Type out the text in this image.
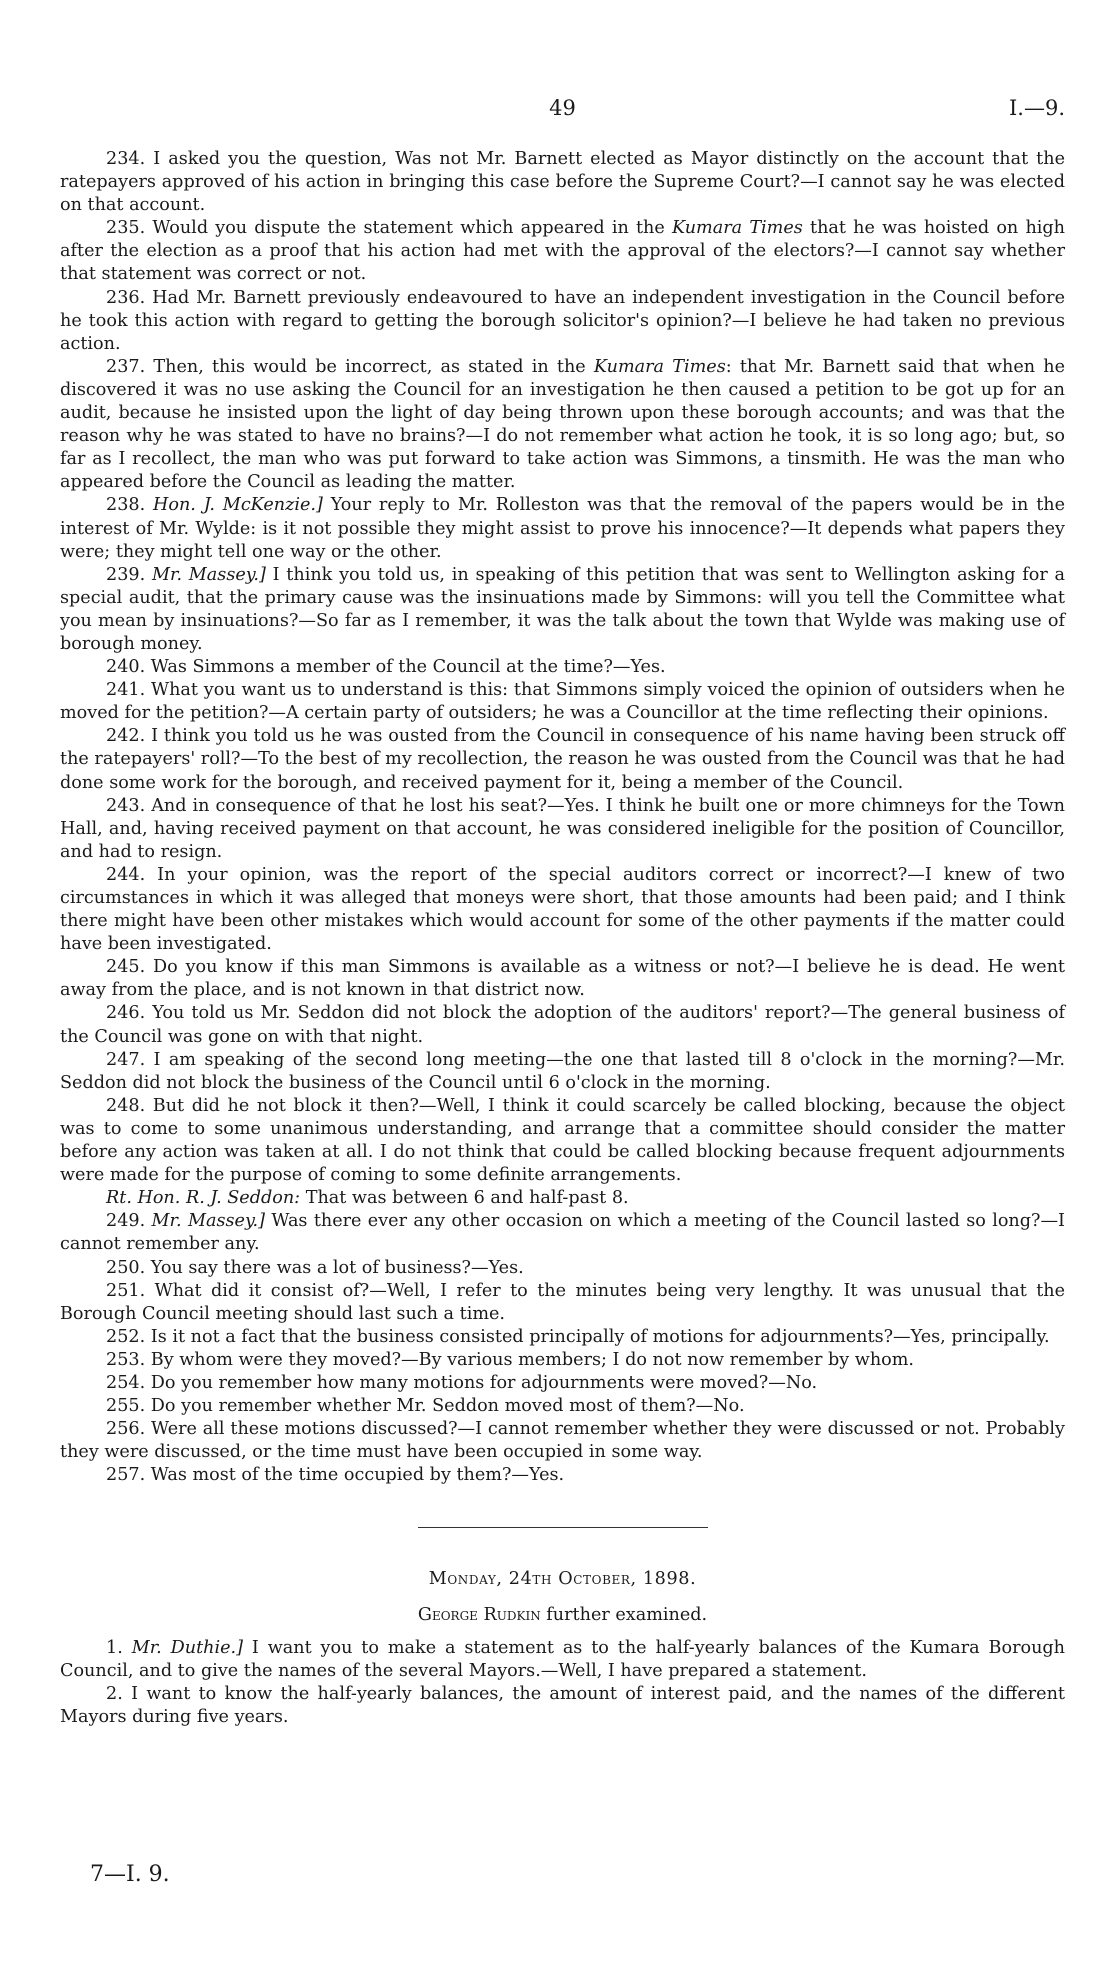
49	I.—9.

234. I asked you the question, Was not Mr. Barnett elected as Mayor distinctly on the account that the ratepayers approved of his action in bringing this case before the Supreme Court?—I cannot say he was elected on that account.

235. Would you dispute the statement which appeared in the Kumara Times that he was hoisted on high after the election as a proof that his action had met with the approval of the electors?—I cannot say whether that statement was correct or not.

236. Had Mr. Barnett previously endeavoured to have an independent investigation in the Council before he took this action with regard to getting the borough solicitor's opinion?—I believe he had taken no previous action.

237. Then, this would be incorrect, as stated in the Kumara Times: that Mr. Barnett said that when he discovered it was no use asking the Council for an investigation he then caused a petition to be got up for an audit, because he insisted upon the light of day being thrown upon these borough accounts; and was that the reason why he was stated to have no brains?—I do not remember what action he took, it is so long ago; but, so far as I recollect, the man who was put forward to take action was Simmons, a tinsmith. He was the man who appeared before the Council as leading the matter.

238. Hon. J. McKenzie.] Your reply to Mr. Rolleston was that the removal of the papers would be in the interest of Mr. Wylde: is it not possible they might assist to prove his innocence?—It depends what papers they were; they might tell one way or the other.

239. Mr. Massey.] I think you told us, in speaking of this petition that was sent to Wellington asking for a special audit, that the primary cause was the insinuations made by Simmons: will you tell the Committee what you mean by insinuations?—So far as I remember, it was the talk about the town that Wylde was making use of borough money.

240. Was Simmons a member of the Council at the time?—Yes.

241. What you want us to understand is this: that Simmons simply voiced the opinion of outsiders when he moved for the petition?—A certain party of outsiders; he was a Councillor at the time reflecting their opinions.

242. I think you told us he was ousted from the Council in consequence of his name having been struck off the ratepayers' roll?—To the best of my recollection, the reason he was ousted from the Council was that he had done some work for the borough, and received payment for it, being a member of the Council.

243. And in consequence of that he lost his seat?—Yes. I think he built one or more chimneys for the Town Hall, and, having received payment on that account, he was considered ineligible for the position of Councillor, and had to resign.

244. In your opinion, was the report of the special auditors correct or incorrect?—I knew of two circumstances in which it was alleged that moneys were short, that those amounts had been paid; and I think there might have been other mistakes which would account for some of the other payments if the matter could have been investigated.

245. Do you know if this man Simmons is available as a witness or not?—I believe he is dead. He went away from the place, and is not known in that district now.

246. You told us Mr. Seddon did not block the adoption of the auditors' report?—The general business of the Council was gone on with that night.

247. I am speaking of the second long meeting—the one that lasted till 8 o'clock in the morning?—Mr. Seddon did not block the business of the Council until 6 o'clock in the morning.

248. But did he not block it then?—Well, I think it could scarcely be called blocking, because the object was to come to some unanimous understanding, and arrange that a committee should consider the matter before any action was taken at all. I do not think that could be called blocking because frequent adjournments were made for the purpose of coming to some definite arrangements.

Rt. Hon. R. J. Seddon: That was between 6 and half-past 8.

249. Mr. Massey.] Was there ever any other occasion on which a meeting of the Council lasted so long?—I cannot remember any.

250. You say there was a lot of business?—Yes.

251. What did it consist of?—Well, I refer to the minutes being very lengthy. It was unusual that the Borough Council meeting should last such a time.

252. Is it not a fact that the business consisted principally of motions for adjournments?—Yes, principally.

253. By whom were they moved?—By various members; I do not now remember by whom.

254. Do you remember how many motions for adjournments were moved?—No.

255. Do you remember whether Mr. Seddon moved most of them?—No.

256. Were all these motions discussed?—I cannot remember whether they were discussed or not. Probably they were discussed, or the time must have been occupied in some way.

257. Was most of the time occupied by them?—Yes.

Monday, 24th October, 1898.
George Rudkin further examined.

1. Mr. Duthie.] I want you to make a statement as to the half-yearly balances of the Kumara Borough Council, and to give the names of the several Mayors.—Well, I have prepared a statement.

2. I want to know the half-yearly balances, the amount of interest paid, and the names of the different Mayors during five years.

7—I. 9.
